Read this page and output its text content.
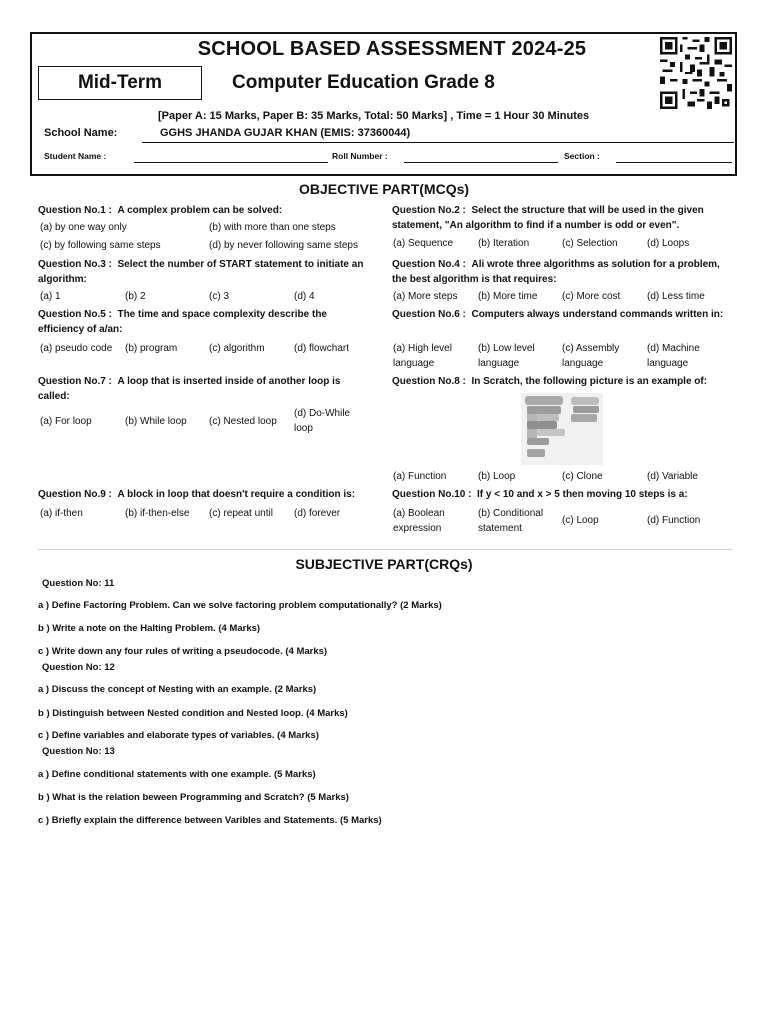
SCHOOL BASED ASSESSMENT 2024-25
Mid-Term	Computer Education Grade 8
[Paper A: 15 Marks, Paper B: 35 Marks, Total: 50 Marks] , Time = 1 Hour 30 Minutes
School Name:	GGHS JHANDA GUJAR KHAN (EMIS: 37360044)
Student Name :	Roll Number :	Section :
OBJECTIVE PART(MCQs)
Question No.1 : A complex problem can be solved:
(a) by one way only	(b) with more than one steps
(c) by following same steps	(d) by never following same steps
Question No.2 : Select the structure that will be used in the given statement, "An algorithm to find if a number is odd or even".
(a) Sequence (b) Iteration	(c) Selection	(d) Loops
Question No.3 : Select the number of START statement to initiate an algorithm:
(a) 1	(b) 2	(c) 3	(d) 4
Question No.4 : Ali wrote three algorithms as solution for a problem, the best algorithm is that requires:
(a) More steps (b) More time (c) More cost	(d) Less time
Question No.5 : The time and space complexity describe the efficiency of a/an:
(a) pseudo code (b) program	(c) algorithm	(d) flowchart
Question No.6 : Computers always understand commands written in:
(a) High level language
(b) Low level language
(c) Assembly language
(d) Machine language
Question No.7 : A loop that is inserted inside of another loop is called:
(a) For loop	(b) While loop (c) Nested loop
(d) Do-While loop
Question No.8 : In Scratch, the following picture is an example of:
(a) Function	(b) Loop	(c) Clone	(d) Variable
Question No.9 : A block in loop that doesn't require a condition is:
(a) if-then	(b) if-then-else (c) repeat until (d) forever
Question No.10 : If y < 10 and x > 5 then moving 10 steps is a:
(a) Boolean expression
(b) Conditional statement
(c) Loop	(d) Function
SUBJECTIVE PART(CRQs)
Question No: 11
a ) Define Factoring Problem. Can we solve factoring problem computationally? (2 Marks)
b ) Write a note on the Halting Problem. (4 Marks)
c ) Write down any four rules of writing a pseudocode. (4 Marks)
Question No: 12
a ) Discuss the concept of Nesting with an example. (2 Marks)
b ) Distinguish between Nested condition and Nested loop. (4 Marks)
c ) Define variables and elaborate types of variables. (4 Marks)
Question No: 13
a ) Define conditional statements with one example. (5 Marks)
b ) What is the relation beween Programming and Scratch? (5 Marks)
c ) Briefly explain the difference between Varibles and Statements. (5 Marks)
